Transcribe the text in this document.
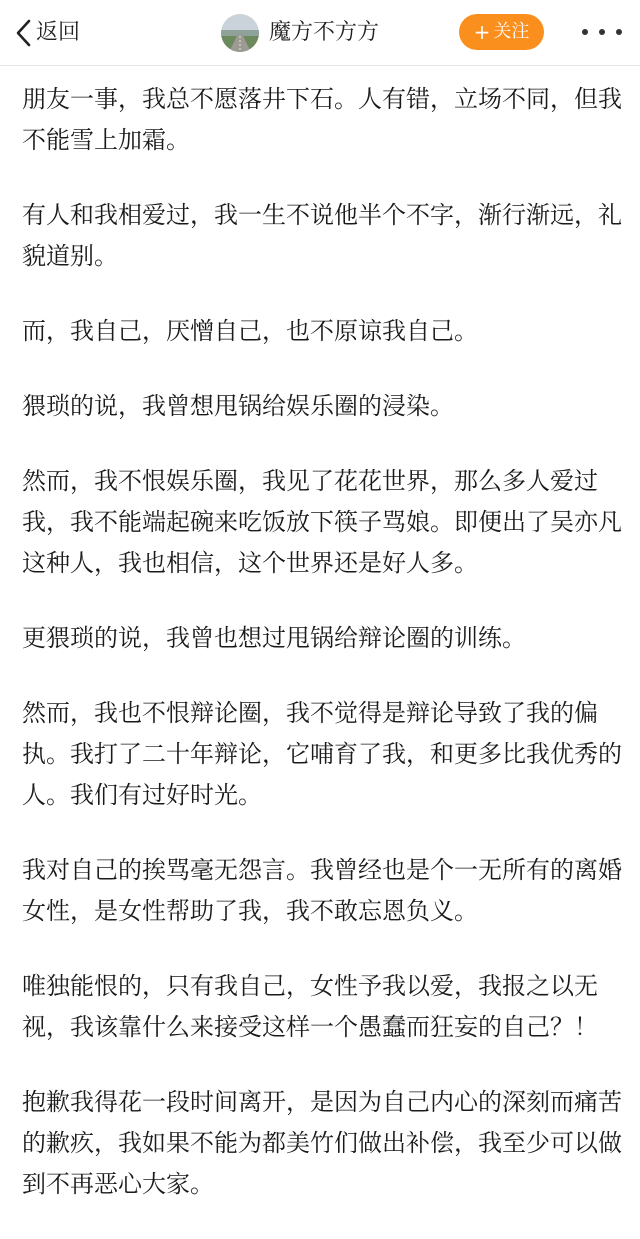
返回	魔方不方方	+ 关注

朋友一事，我总不愿落井下石。人有错，立场不同，但我不能雪上加霜。

有人和我相爱过，我一生不说他半个不字，渐行渐远，礼貌道别。

而，我自己，厌憎自己，也不原谅我自己。

猥琐的说，我曾想甩锅给娱乐圈的浸染。

然而，我不恨娱乐圈，我见了花花世界，那么多人爱过我，我不能端起碗来吃饭放下筷子骂娘。即便出了吴亦凡这种人，我也相信，这个世界还是好人多。

更猥琐的说，我曾也想过甩锅给辩论圈的训练。

然而，我也不恨辩论圈，我不觉得是辩论导致了我的偏执。我打了二十年辩论，它哺育了我，和更多比我优秀的人。我们有过好时光。

我对自己的挨骂毫无怨言。我曾经也是个一无所有的离婚女性，是女性帮助了我，我不敢忘恩负义。

唯独能恨的，只有我自己，女性予我以爱，我报之以无视，我该靠什么来接受这样一个愚蠢而狂妄的自己？！

抱歉我得花一段时间离开，是因为自己内心的深刻而痛苦的歉疚，我如果不能为都美竹们做出补偿，我至少可以做到不再恶心大家。
